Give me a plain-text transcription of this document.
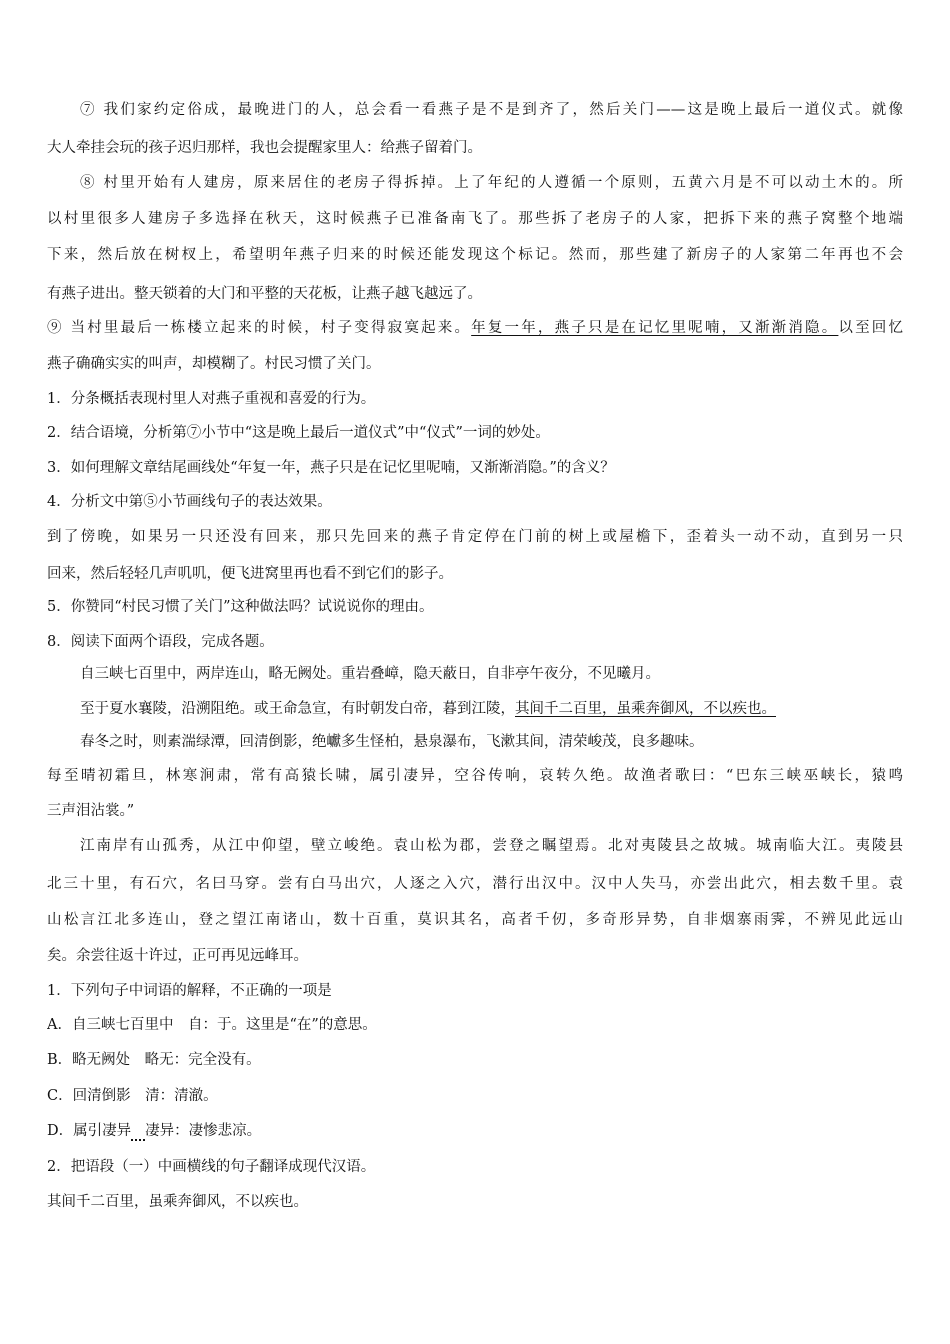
⑦ 我们家约定俗成，最晚进门的人，总会看一看燕子是不是到齐了，然后关门——这是晚上最后一道仪式。就像
大人牵挂会玩的孩子迟归那样，我也会提醒家里人：给燕子留着门。
⑧ 村里开始有人建房，原来居住的老房子得拆掉。上了年纪的人遵循一个原则，五黄六月是不可以动土木的。所
以村里很多人建房子多选择在秋天，这时候燕子已准备南飞了。那些拆了老房子的人家，把拆下来的燕子窝整个地端
下来，然后放在树杈上，希望明年燕子归来的时候还能发现这个标记。然而，那些建了新房子的人家第二年再也不会
有燕子进出。整天锁着的大门和平整的天花板，让燕子越飞越远了。
⑨ 当村里最后一栋楼立起来的时候，村子变得寂寞起来。年复一年，燕子只是在记忆里呢喃，又渐渐消隐。以至回忆
燕子确确实实的叫声，却模糊了。村民习惯了关门。
1．分条概括表现村里人对燕子重视和喜爱的行为。
2．结合语境，分析第⑦小节中“这是晚上最后一道仪式”中“仪式”一词的妙处。
3．如何理解文章结尾画线处“年复一年，燕子只是在记忆里呢喃，又渐渐消隐。”的含义？
4．分析文中第⑤小节画线句子的表达效果。
到了傍晚，如果另一只还没有回来，那只先回来的燕子肯定停在门前的树上或屋檐下，歪着头一动不动，直到另一只
回来，然后轻轻几声叽叽，便飞进窝里再也看不到它们的影子。
5．你赞同“村民习惯了关门”这种做法吗？试说说你的理由。
8．阅读下面两个语段，完成各题。
自三峡七百里中，两岸连山，略无阙处。重岩叠嶂，隐天蔽日，自非亭午夜分，不见曦月。
至于夏水襄陵，沿溯阻绝。或王命急宣，有时朝发白帝，暮到江陵，其间千二百里，虽乘奔御风，不以疾也。
春冬之时，则素湍绿潭，回清倒影，绝巘多生怪柏，悬泉瀑布，飞漱其间，清荣峻茂，良多趣味。
每至晴初霜旦，林寒涧肃，常有高猿长啸，属引凄异，空谷传响，哀转久绝。故渔者歌曰：“巴东三峡巫峡长，猿鸣
三声泪沾裳。”
江南岸有山孤秀，从江中仰望，壁立峻绝。袁山松为郡，尝登之瞩望焉。北对夷陵县之故城。城南临大江。夷陵县
北三十里，有石穴，名曰马穿。尝有白马出穴，人逐之入穴，潜行出汉中。汉中人失马，亦尝出此穴，相去数千里。袁
山松言江北多连山，登之望江南诸山，数十百重，莫识其名，高者千仞，多奇形异势，自非烟寨雨霁，不辨见此远山
矣。余尝往返十许过，正可再见远峰耳。
1．下列句子中词语的解释，不正确的一项是
A．自三峡七百里中　自：于。这里是“在”的意思。
B．略无阙处　略无：完全没有。
C．回清倒影　清：清澈。
D．属引凄异 凄异：凄惨悲凉。
2．把语段（一）中画横线的句子翻译成现代汉语。
其间千二百里，虽乘奔御风，不以疾也。
